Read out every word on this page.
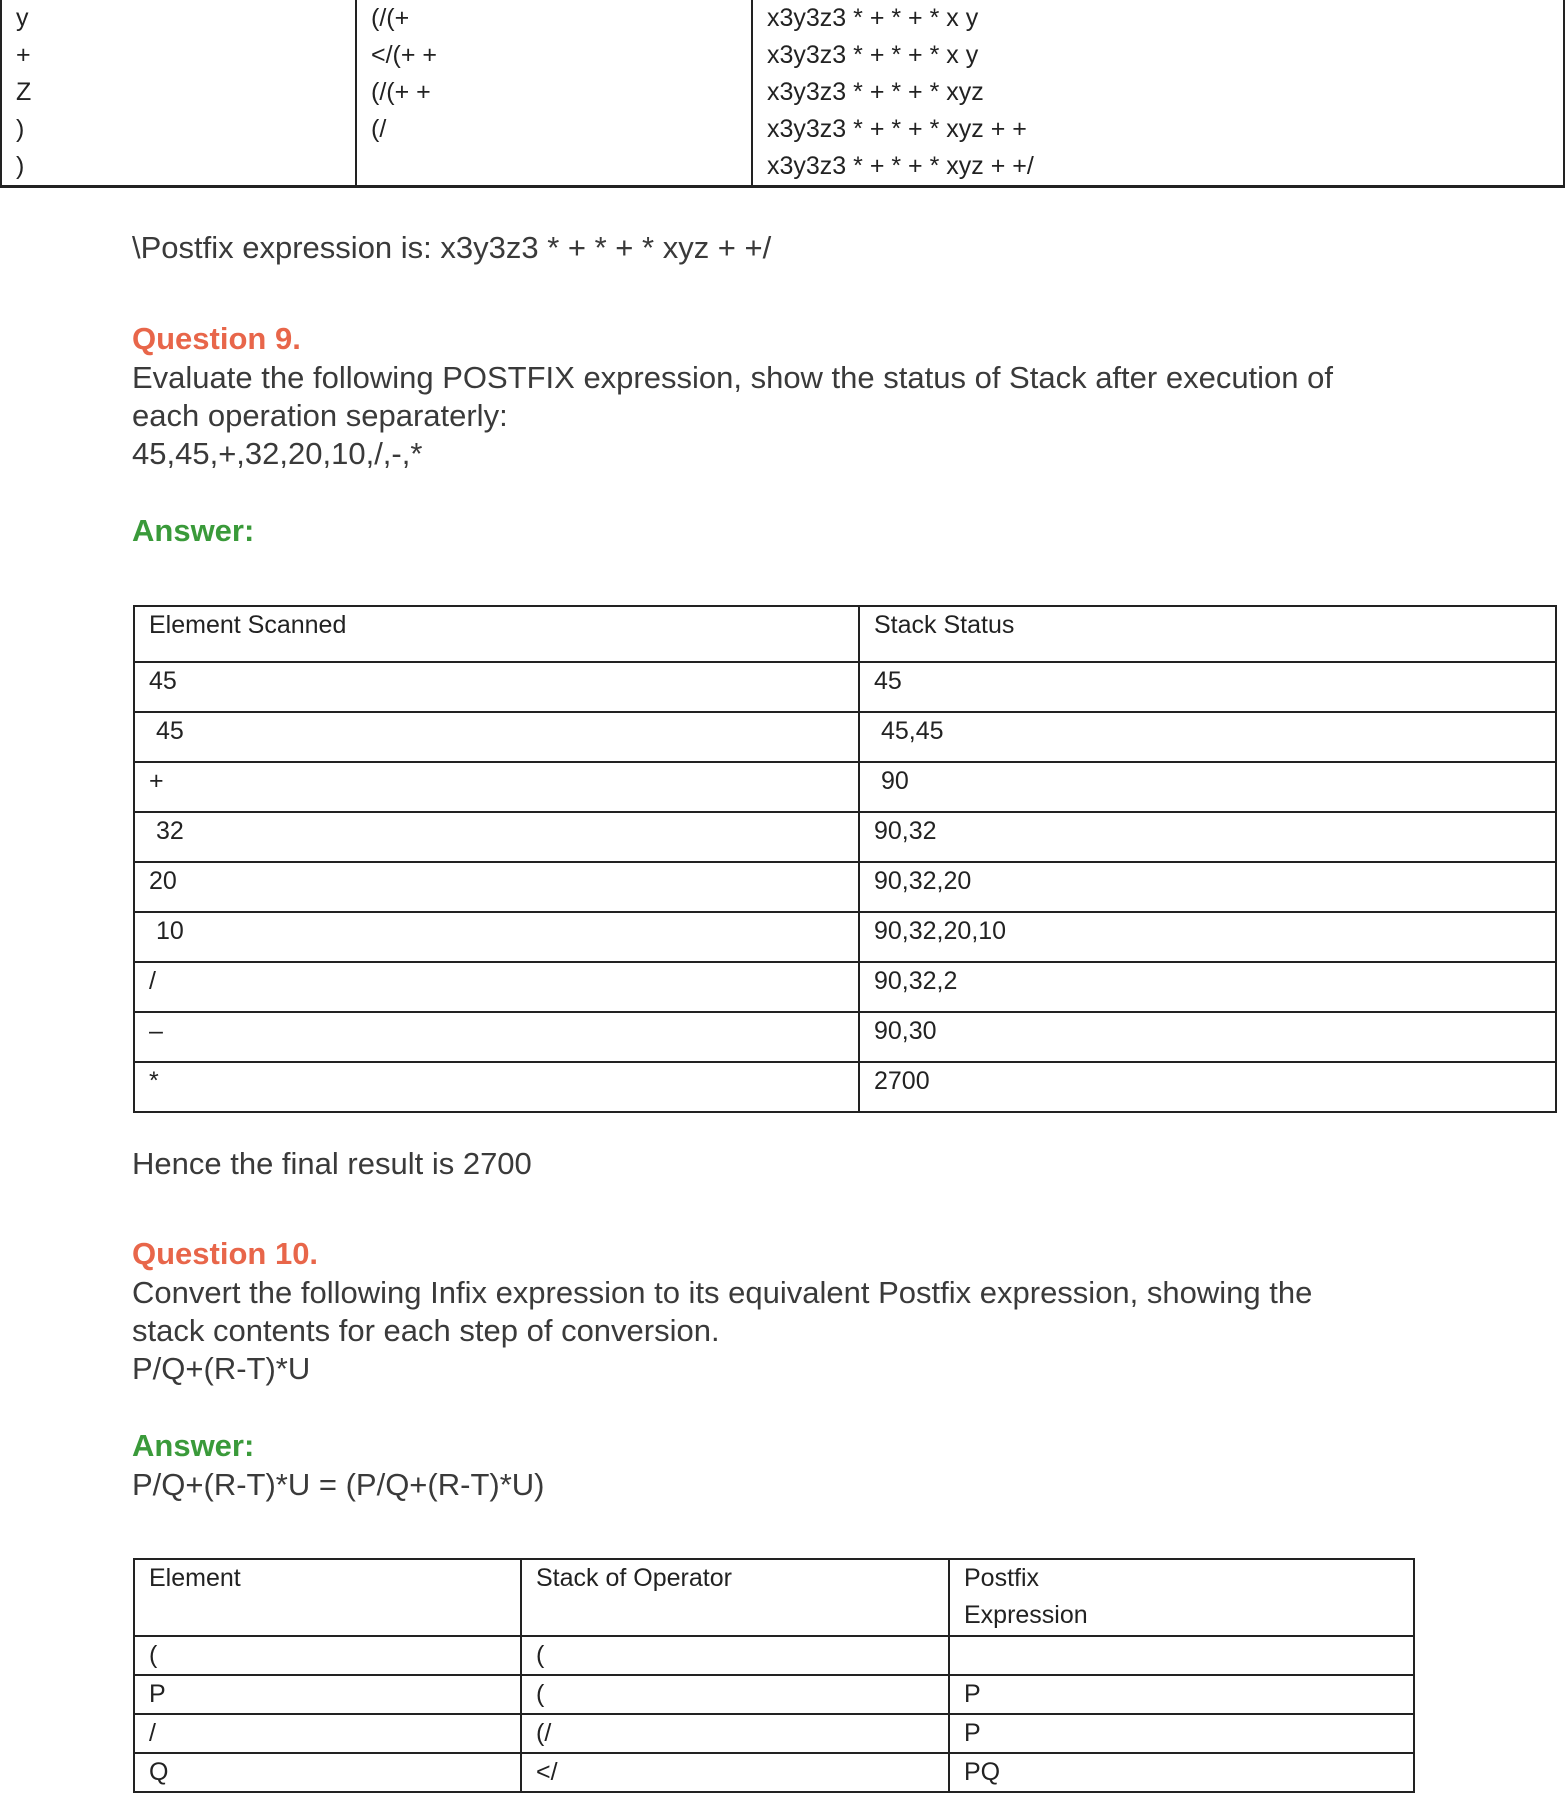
y	(/(+	x3y3z3 * + * + * x y
+	</(+ +	x3y3z3 * + * + * x y
Z	(/(+ +	x3y3z3 * + * + * xyz
)	(/	x3y3z3 * + * + * xyz + +
)		x3y3z3 * + * + * xyz + +/
\Postfix expression is: x3y3z3 * + * + * xyz + +/
Question 9.
Evaluate the following POSTFIX expression, show the status of Stack after execution of
each operation separaterly:
45,45,+,32,20,10,/,-,*
Answer:
Element Scanned	Stack Status
45	45
45	45,45
+	90
32	90,32
20	90,32,20
10	90,32,20,10
/	90,32,2
–	90,30
*	2700
Hence the final result is 2700
Question 10.
Convert the following Infix expression to its equivalent Postfix expression, showing the
stack contents for each step of conversion.
P/Q+(R-T)*U
Answer:
P/Q+(R-T)*U = (P/Q+(R-T)*U)
Element	Stack of Operator	Postfix
Expression

(	(	
P	(	P
/	(/	P
Q	</	PQ
